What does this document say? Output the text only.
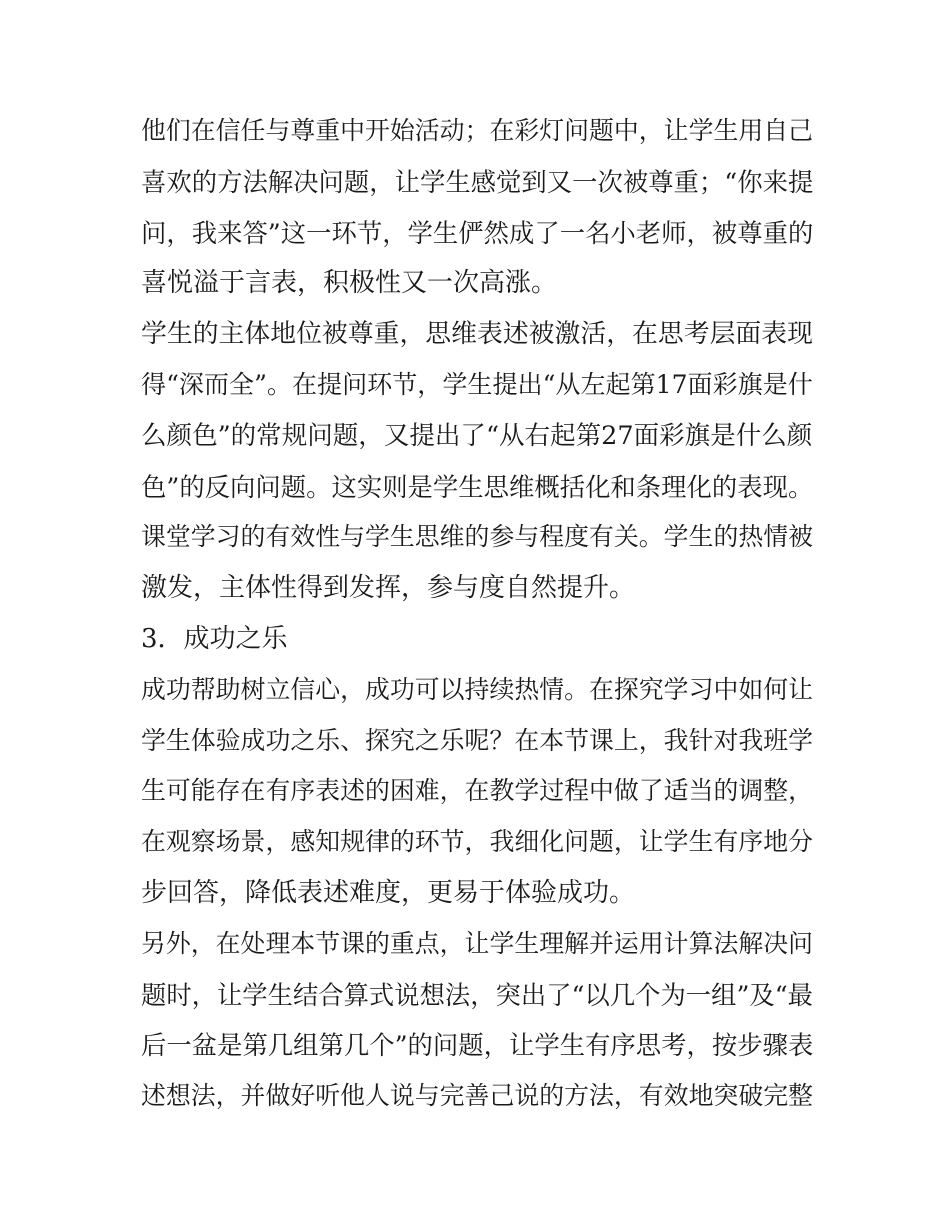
他们在信任与尊重中开始活动；在彩灯问题中，让学生用自己
喜欢的方法解决问题，让学生感觉到又一次被尊重；“你来提
问，我来答”这一环节，学生俨然成了一名小老师，被尊重的
喜悦溢于言表，积极性又一次高涨。
学生的主体地位被尊重，思维表述被激活，在思考层面表现
得“深而全”。在提问环节，学生提出“从左起第17面彩旗是什
么颜色”的常规问题，又提出了“从右起第27面彩旗是什么颜
色”的反向问题。这实则是学生思维概括化和条理化的表现。
课堂学习的有效性与学生思维的参与程度有关。学生的热情被
激发，主体性得到发挥，参与度自然提升。
3．成功之乐
成功帮助树立信心，成功可以持续热情。在探究学习中如何让
学生体验成功之乐、探究之乐呢？在本节课上，我针对我班学
生可能存在有序表述的困难，在教学过程中做了适当的调整，
在观察场景，感知规律的环节，我细化问题，让学生有序地分
步回答，降低表述难度，更易于体验成功。
另外，在处理本节课的重点，让学生理解并运用计算法解决问
题时，让学生结合算式说想法，突出了“以几个为一组”及“最
后一盆是第几组第几个”的问题，让学生有序思考，按步骤表
述想法，并做好听他人说与完善己说的方法，有效地突破完整
